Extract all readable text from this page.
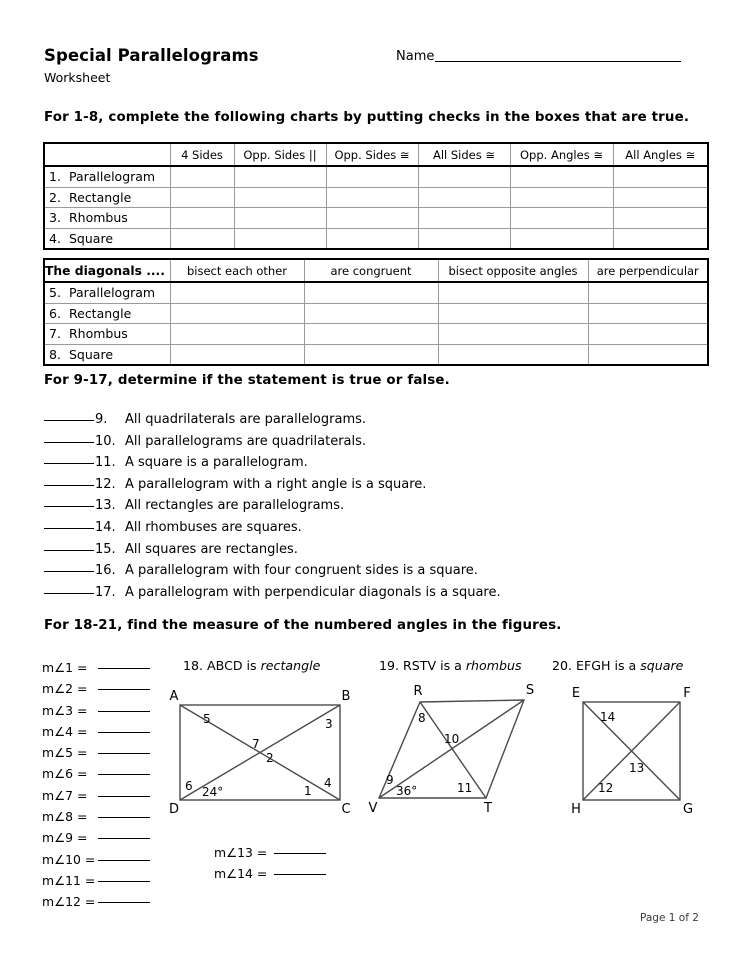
Special Parallelograms
Worksheet
Name
For 1-8, complete the following charts by putting checks in the boxes that are true.
	4 Sides	Opp. Sides ||	Opp. Sides ≅	All Sides ≅	Opp. Angles ≅	All Angles ≅

1. Parallelogram						

2. Rectangle						

3. Rhombus						

4. Square						

The diagonals ....	bisect each other	are congruent	bisect opposite angles	are perpendicular

5. Parallelogram				

6. Rectangle				

7. Rhombus				

8. Square				

For 9-17, determine if the statement is true or false.
9.	All quadrilaterals are parallelograms.
10. All parallelograms are quadrilaterals.
11. A square is a parallelogram.
12. A parallelogram with a right angle is a square.
13. All rectangles are parallelograms.
14. All rhombuses are squares.
15. All squares are rectangles.
16. A parallelogram with four congruent sides is a square.
17. A parallelogram with perpendicular diagonals is a square.
For 18-21, find the measure of the numbered angles in the figures.
m∠1 =
m∠2 =
m∠3 =
m∠4 =
m∠5 =
m∠6 =
m∠7 =
m∠8 =
m∠9 =
m∠10 =
m∠11 =
m∠12 =
m∠13 =
m∠14 =
18. ABCD is rectangle	19. RSTV is a rhombus 20. EFGH is a square
A	B
C
D
5	3
7
2
6	1
4
24°
R	S
T
V
8
10
9
11
36°
E	F
G
H
14
13
12
Page 1 of 2
